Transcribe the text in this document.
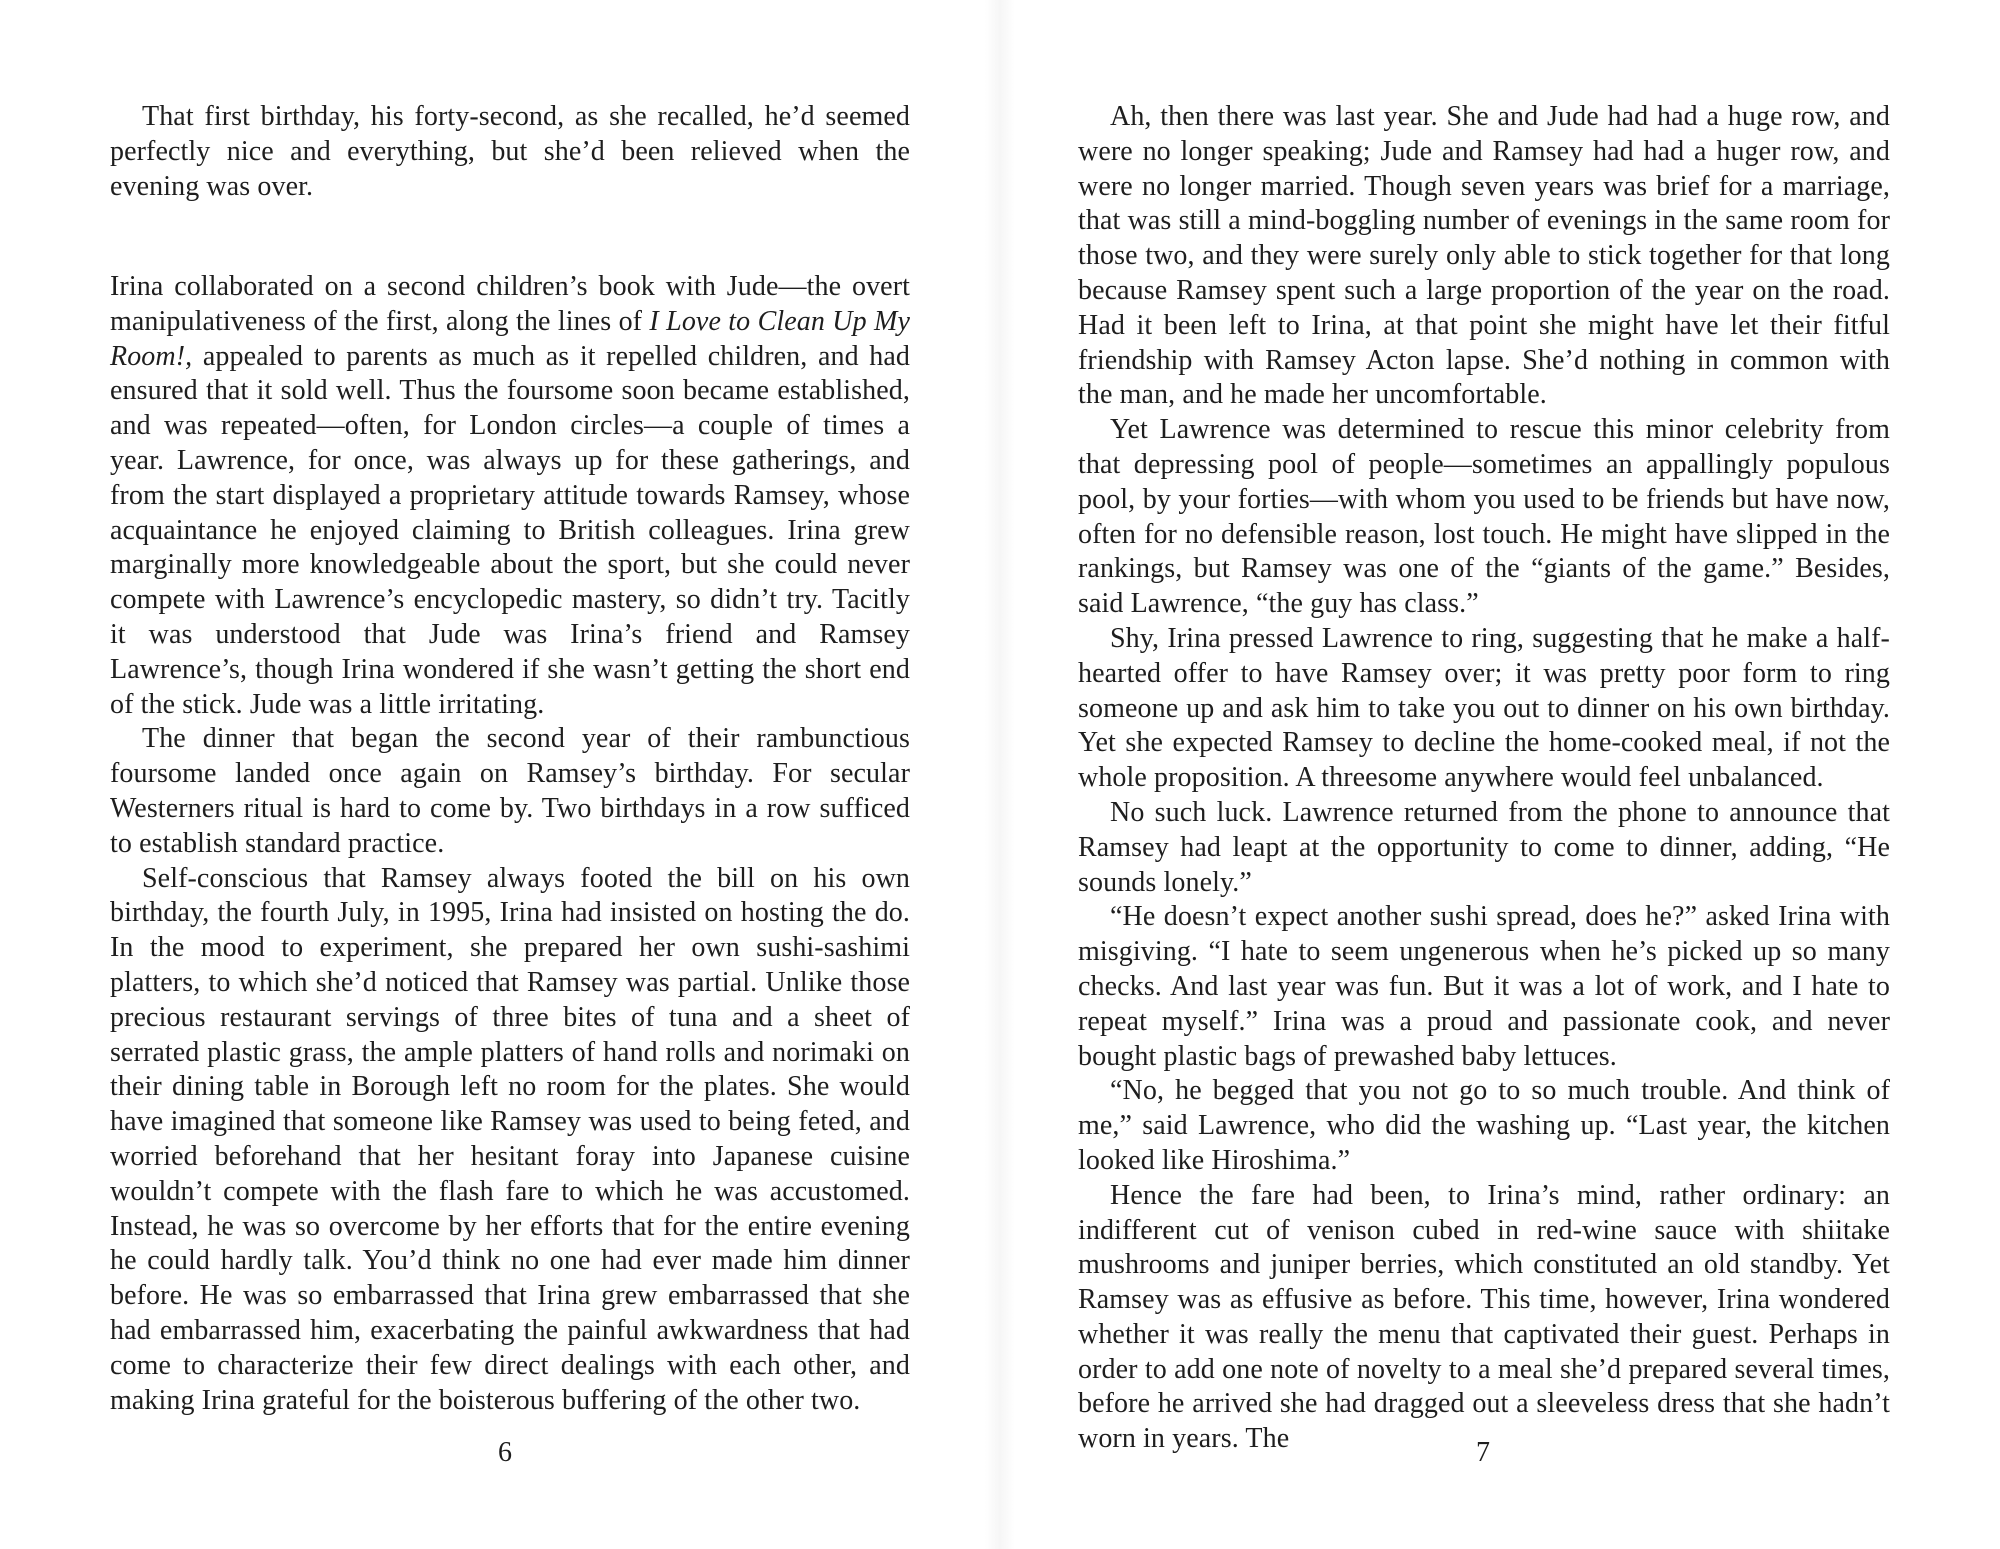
That first birthday, his forty-second, as she recalled, he’d seemed perfectly nice and everything, but she’d been relieved when the evening was over.

Irina collaborated on a second children’s book with Jude—the overt manipulativeness of the first, along the lines of I Love to Clean Up My Room!, appealed to parents as much as it repelled children, and had ensured that it sold well. Thus the foursome soon became established, and was repeated—often, for London circles—a couple of times a year. Lawrence, for once, was always up for these gatherings, and from the start displayed a proprietary attitude towards Ramsey, whose acquaintance he enjoyed claiming to British colleagues. Irina grew marginally more knowledgeable about the sport, but she could never compete with Lawrence’s encyclopedic mastery, so didn’t try. Tacitly it was understood that Jude was Irina’s friend and Ramsey Lawrence’s, though Irina wondered if she wasn’t getting the short end of the stick. Jude was a little irritating.

The dinner that began the second year of their rambunctious foursome landed once again on Ramsey’s birthday. For secular Westerners ritual is hard to come by. Two birthdays in a row sufficed to establish standard practice.

Self-conscious that Ramsey always footed the bill on his own birthday, the fourth July, in 1995, Irina had insisted on hosting the do. In the mood to experiment, she prepared her own sushi-sashimi platters, to which she’d noticed that Ramsey was partial. Unlike those precious restaurant servings of three bites of tuna and a sheet of serrated plastic grass, the ample platters of hand rolls and norimaki on their dining table in Borough left no room for the plates. She would have imagined that someone like Ramsey was used to being feted, and worried beforehand that her hesitant foray into Japanese cuisine wouldn’t compete with the flash fare to which he was accustomed. Instead, he was so overcome by her efforts that for the entire evening he could hardly talk. You’d think no one had ever made him dinner before. He was so embarrassed that Irina grew embarrassed that she had embarrassed him, exacerbating the painful awkwardness that had come to characterize their few direct dealings with each other, and making Irina grateful for the boisterous buffering of the other two.

6

Ah, then there was last year. She and Jude had had a huge row, and were no longer speaking; Jude and Ramsey had had a huger row, and were no longer married. Though seven years was brief for a marriage, that was still a mind-boggling number of evenings in the same room for those two, and they were surely only able to stick together for that long because Ramsey spent such a large proportion of the year on the road. Had it been left to Irina, at that point she might have let their fitful friendship with Ramsey Acton lapse. She’d nothing in common with the man, and he made her uncomfortable.

Yet Lawrence was determined to rescue this minor celebrity from that depressing pool of people—sometimes an appallingly populous pool, by your forties—with whom you used to be friends but have now, often for no defensible reason, lost touch. He might have slipped in the rankings, but Ramsey was one of the “giants of the game.” Besides, said Lawrence, “the guy has class.”

Shy, Irina pressed Lawrence to ring, suggesting that he make a half-hearted offer to have Ramsey over; it was pretty poor form to ring someone up and ask him to take you out to dinner on his own birthday. Yet she expected Ramsey to decline the home-cooked meal, if not the whole proposition. A threesome anywhere would feel unbalanced.

No such luck. Lawrence returned from the phone to announce that Ramsey had leapt at the opportunity to come to dinner, adding, “He sounds lonely.”

“He doesn’t expect another sushi spread, does he?” asked Irina with misgiving. “I hate to seem ungenerous when he’s picked up so many checks. And last year was fun. But it was a lot of work, and I hate to repeat myself.” Irina was a proud and passionate cook, and never bought plastic bags of prewashed baby lettuces.

“No, he begged that you not go to so much trouble. And think of me,” said Lawrence, who did the washing up. “Last year, the kitchen looked like Hiroshima.”

Hence the fare had been, to Irina’s mind, rather ordinary: an indifferent cut of venison cubed in red-wine sauce with shiitake mushrooms and juniper berries, which constituted an old standby. Yet Ramsey was as effusive as before. This time, however, Irina wondered whether it was really the menu that captivated their guest. Perhaps in order to add one note of novelty to a meal she’d prepared several times, before he arrived she had dragged out a sleeveless dress that she hadn’t worn in years. The	7
